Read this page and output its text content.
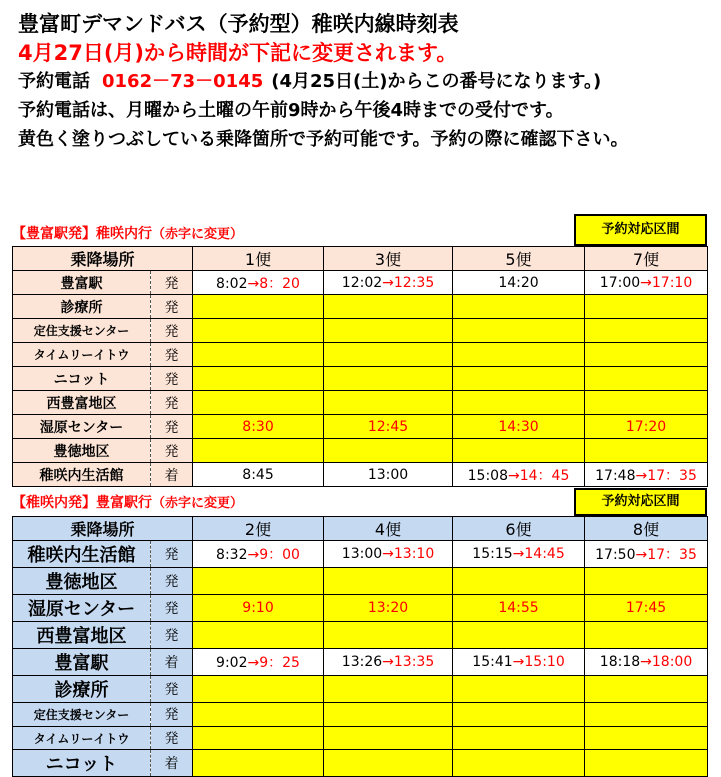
豊富町デマンドバス（予約型）稚咲内線時刻表
4月27日(月)から時間が下記に変更されます。
予約電話 0162－73－0145 (4月25日(土)からこの番号になります。)
予約電話は、月曜から土曜の午前9時から午後4時までの受付です。
黄色く塗りつぶしている乗降箇所で予約可能です。予約の際に確認下さい。
【豊富駅発】稚咲内行（赤字に変更）	予約対応区間
乗降場所		1便	3便	5便	7便
豊富駅	発	8:02→8：20	12:02→12:35	14:20	17:00→17:10
診療所	発				
定住支援センター	発				
タイムリーイトウ	発				
ニコット	発				
西豊富地区	発				
湿原センター	発	8:30	12:45	14:30	17:20
豊徳地区	発				
稚咲内生活館	着	8:45	13:00	15:08→14：45	17:48→17：35
【稚咲内発】豊富駅行（赤字に変更）	予約対応区間
乗降場所		2便	4便	6便	8便
稚咲内生活館	発	8:32→9：00	13:00→13:10	15:15→14:45	17:50→17：35
豊徳地区	発				
湿原センター	発	9:10	13:20	14:55	17:45
西豊富地区	発				
豊富駅	着	9:02→9：25	13:26→13:35	15:41→15:10	18:18→18:00
診療所	発				
定住支援センター	発				
タイムリーイトウ	発				
ニコット	着				
